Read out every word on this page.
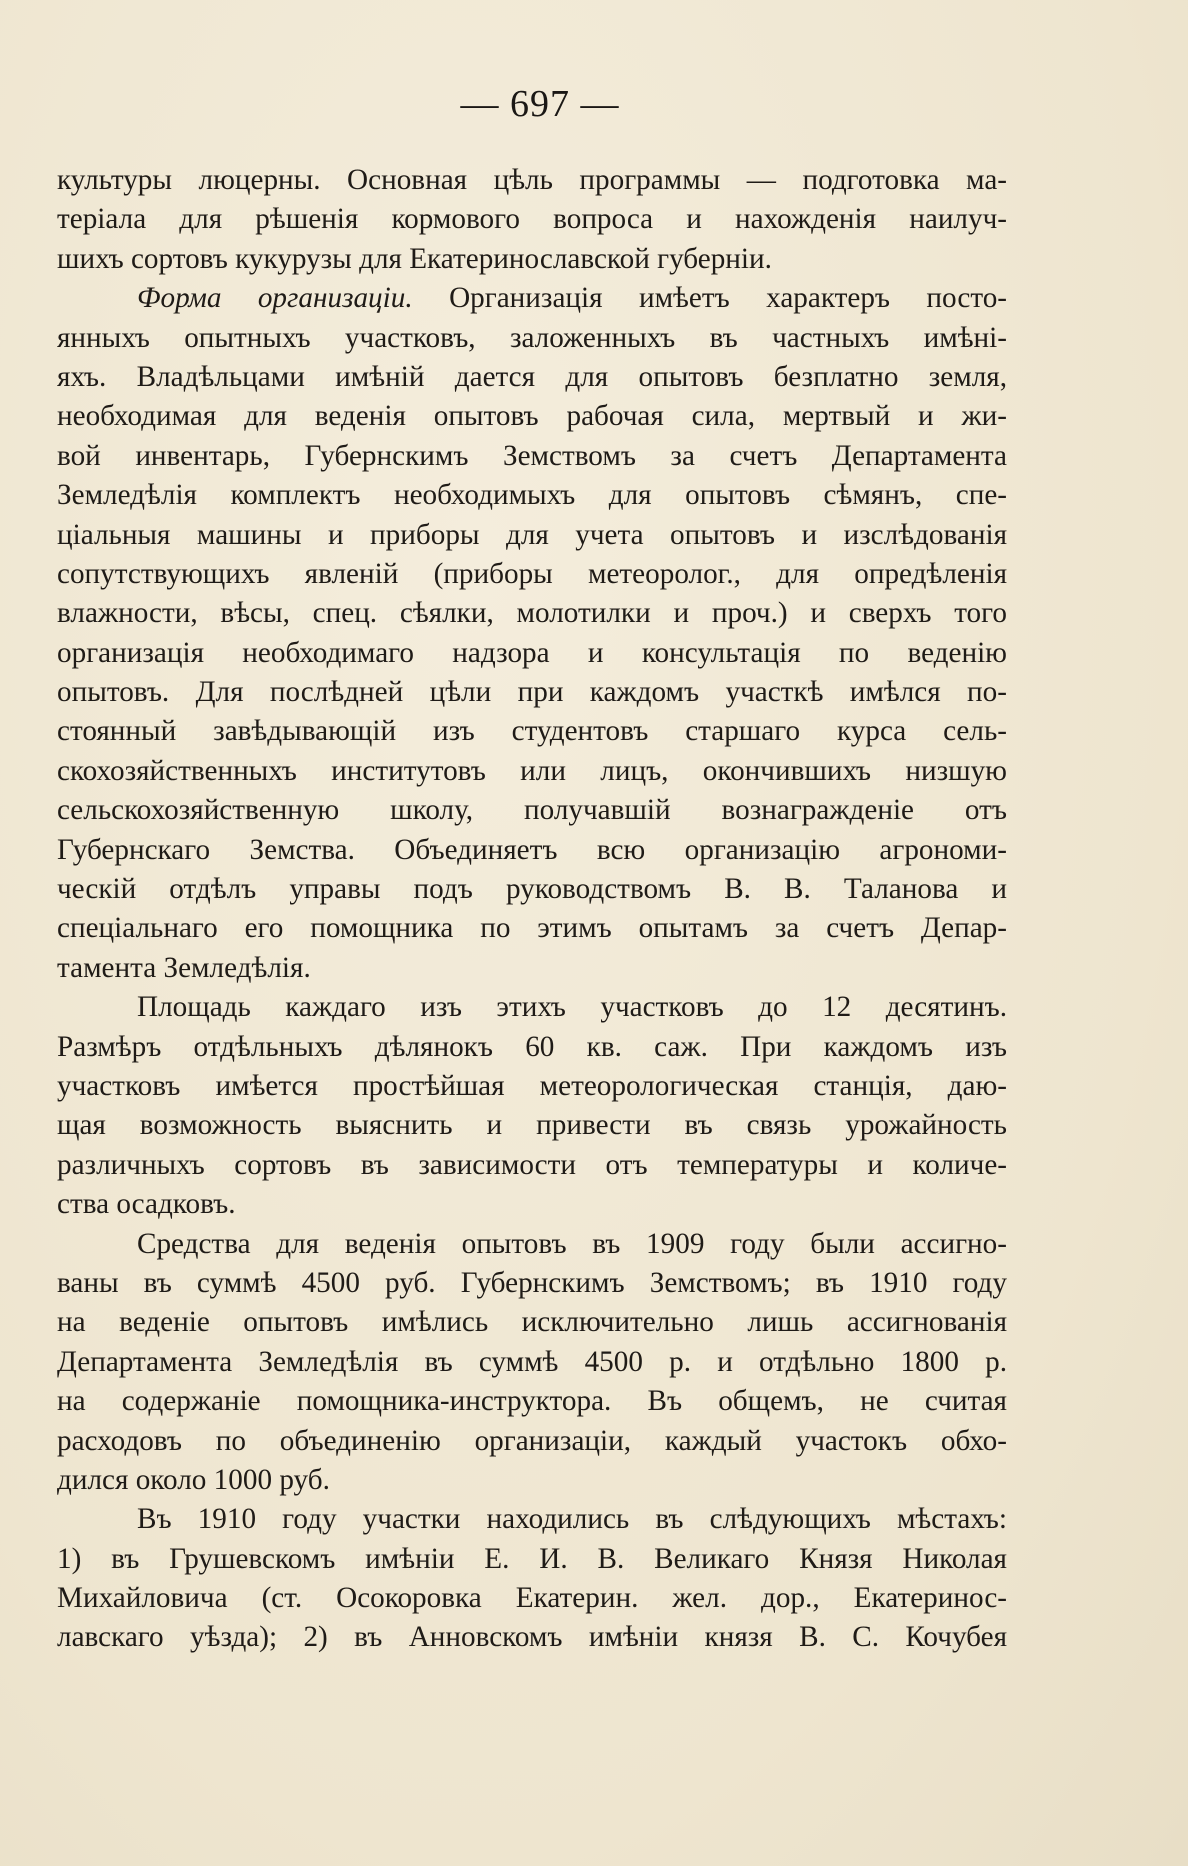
— 697 —
культуры люцерны. Основная цѣль программы — подготовка ма-
теріала для рѣшенія кормового вопроса и нахожденія наилуч-
шихъ сортовъ кукурузы для Екатеринославской губерніи.
Форма организаціи. Организація имѣетъ характеръ посто-
янныхъ опытныхъ участковъ, заложенныхъ въ частныхъ имѣні-
яхъ. Владѣльцами имѣній дается для опытовъ безплатно земля,
необходимая для веденія опытовъ рабочая сила, мертвый и жи-
вой инвентарь, Губернскимъ Земствомъ за счетъ Департамента
Земледѣлія комплектъ необходимыхъ для опытовъ сѣмянъ, спе-
ціальныя машины и приборы для учета опытовъ и изслѣдованія
сопутствующихъ явленій (приборы метеоролог., для опредѣленія
влажности, вѣсы, спец. сѣялки, молотилки и проч.) и сверхъ того
организація необходимаго надзора и консультація по веденію
опытовъ. Для послѣдней цѣли при каждомъ участкѣ имѣлся по-
стоянный завѣдывающій изъ студентовъ старшаго курса сель-
скохозяйственныхъ институтовъ или лицъ, окончившихъ низшую
сельскохозяйственную школу, получавшій вознагражденіе отъ
Губернскаго Земства. Объединяетъ всю организацію агрономи-
ческій отдѣлъ управы подъ руководствомъ В. В. Таланова и
спеціальнаго его помощника по этимъ опытамъ за счетъ Депар-
тамента Земледѣлія.
Площадь каждаго изъ этихъ участковъ до 12 десятинъ.
Размѣръ отдѣльныхъ дѣлянокъ 60 кв. саж. При каждомъ изъ
участковъ имѣется простѣйшая метеорологическая станція, даю-
щая возможность выяснить и привести въ связь урожайность
различныхъ сортовъ въ зависимости отъ температуры и количе-
ства осадковъ.
Средства для веденія опытовъ въ 1909 году были ассигно-
ваны въ суммѣ 4500 руб. Губернскимъ Земствомъ; въ 1910 году
на веденіе опытовъ имѣлись исключительно лишь ассигнованія
Департамента Земледѣлія въ суммѣ 4500 р. и отдѣльно 1800 р.
на содержаніе помощника-инструктора. Въ общемъ, не считая
расходовъ по объединенію организаціи, каждый участокъ обхо-
дился около 1000 руб.
Въ 1910 году участки находились въ слѣдующихъ мѣстахъ:
1) въ Грушевскомъ имѣніи Е. И. В. Великаго Князя Николая
Михайловича (ст. Осокоровка Екатерин. жел. дор., Екатеринос-
лавскаго уѣзда); 2) въ Анновскомъ имѣніи князя В. С. Кочубея
